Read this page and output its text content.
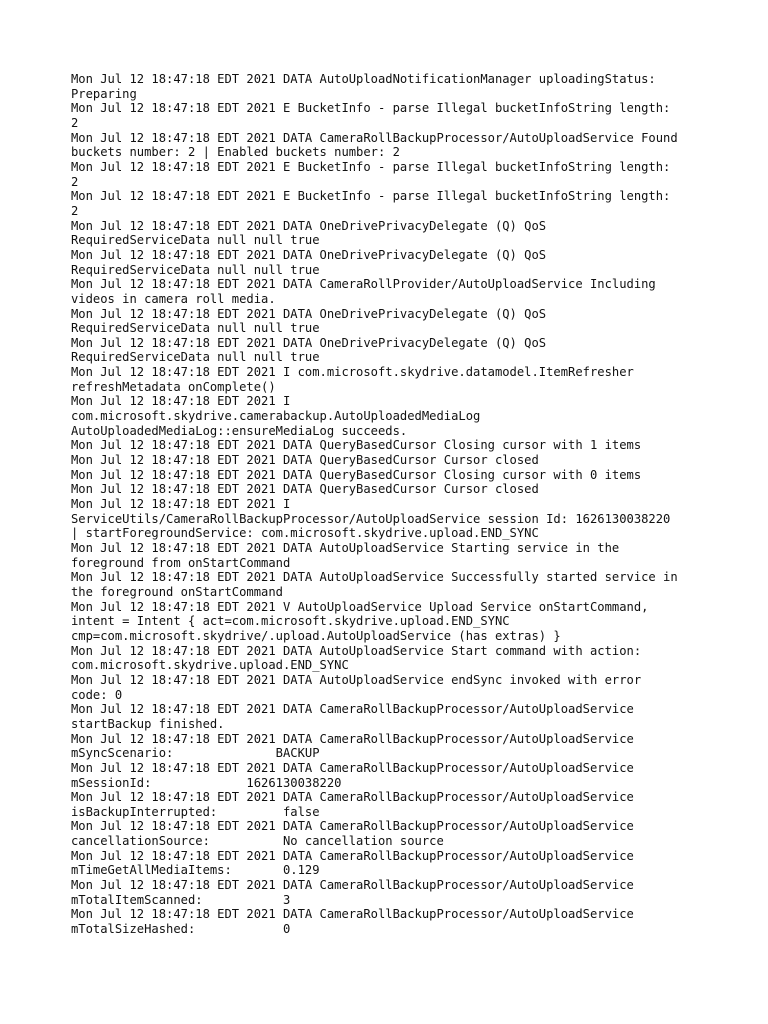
Mon Jul 12 18:47:18 EDT 2021 DATA AutoUploadNotificationManager uploadingStatus:
Preparing
Mon Jul 12 18:47:18 EDT 2021 E BucketInfo - parse Illegal bucketInfoString length:
2
Mon Jul 12 18:47:18 EDT 2021 DATA CameraRollBackupProcessor/AutoUploadService Found
buckets number: 2 | Enabled buckets number: 2
Mon Jul 12 18:47:18 EDT 2021 E BucketInfo - parse Illegal bucketInfoString length:
2
Mon Jul 12 18:47:18 EDT 2021 E BucketInfo - parse Illegal bucketInfoString length:
2
Mon Jul 12 18:47:18 EDT 2021 DATA OneDrivePrivacyDelegate (Q) QoS
RequiredServiceData null null true
Mon Jul 12 18:47:18 EDT 2021 DATA OneDrivePrivacyDelegate (Q) QoS
RequiredServiceData null null true
Mon Jul 12 18:47:18 EDT 2021 DATA CameraRollProvider/AutoUploadService Including
videos in camera roll media.
Mon Jul 12 18:47:18 EDT 2021 DATA OneDrivePrivacyDelegate (Q) QoS
RequiredServiceData null null true
Mon Jul 12 18:47:18 EDT 2021 DATA OneDrivePrivacyDelegate (Q) QoS
RequiredServiceData null null true
Mon Jul 12 18:47:18 EDT 2021 I com.microsoft.skydrive.datamodel.ItemRefresher
refreshMetadata onComplete()
Mon Jul 12 18:47:18 EDT 2021 I
com.microsoft.skydrive.camerabackup.AutoUploadedMediaLog
AutoUploadedMediaLog::ensureMediaLog succeeds.
Mon Jul 12 18:47:18 EDT 2021 DATA QueryBasedCursor Closing cursor with 1 items
Mon Jul 12 18:47:18 EDT 2021 DATA QueryBasedCursor Cursor closed
Mon Jul 12 18:47:18 EDT 2021 DATA QueryBasedCursor Closing cursor with 0 items
Mon Jul 12 18:47:18 EDT 2021 DATA QueryBasedCursor Cursor closed
Mon Jul 12 18:47:18 EDT 2021 I
ServiceUtils/CameraRollBackupProcessor/AutoUploadService session Id: 1626130038220
| startForegroundService: com.microsoft.skydrive.upload.END_SYNC
Mon Jul 12 18:47:18 EDT 2021 DATA AutoUploadService Starting service in the
foreground from onStartCommand
Mon Jul 12 18:47:18 EDT 2021 DATA AutoUploadService Successfully started service in
the foreground onStartCommand
Mon Jul 12 18:47:18 EDT 2021 V AutoUploadService Upload Service onStartCommand,
intent = Intent { act=com.microsoft.skydrive.upload.END_SYNC
cmp=com.microsoft.skydrive/.upload.AutoUploadService (has extras) }
Mon Jul 12 18:47:18 EDT 2021 DATA AutoUploadService Start command with action:
com.microsoft.skydrive.upload.END_SYNC
Mon Jul 12 18:47:18 EDT 2021 DATA AutoUploadService endSync invoked with error
code: 0
Mon Jul 12 18:47:18 EDT 2021 DATA CameraRollBackupProcessor/AutoUploadService
startBackup finished.
Mon Jul 12 18:47:18 EDT 2021 DATA CameraRollBackupProcessor/AutoUploadService
mSyncScenario:              BACKUP
Mon Jul 12 18:47:18 EDT 2021 DATA CameraRollBackupProcessor/AutoUploadService
mSessionId:             1626130038220
Mon Jul 12 18:47:18 EDT 2021 DATA CameraRollBackupProcessor/AutoUploadService
isBackupInterrupted:         false
Mon Jul 12 18:47:18 EDT 2021 DATA CameraRollBackupProcessor/AutoUploadService
cancellationSource:          No cancellation source
Mon Jul 12 18:47:18 EDT 2021 DATA CameraRollBackupProcessor/AutoUploadService
mTimeGetAllMediaItems:       0.129
Mon Jul 12 18:47:18 EDT 2021 DATA CameraRollBackupProcessor/AutoUploadService
mTotalItemScanned:           3
Mon Jul 12 18:47:18 EDT 2021 DATA CameraRollBackupProcessor/AutoUploadService
mTotalSizeHashed:            0
